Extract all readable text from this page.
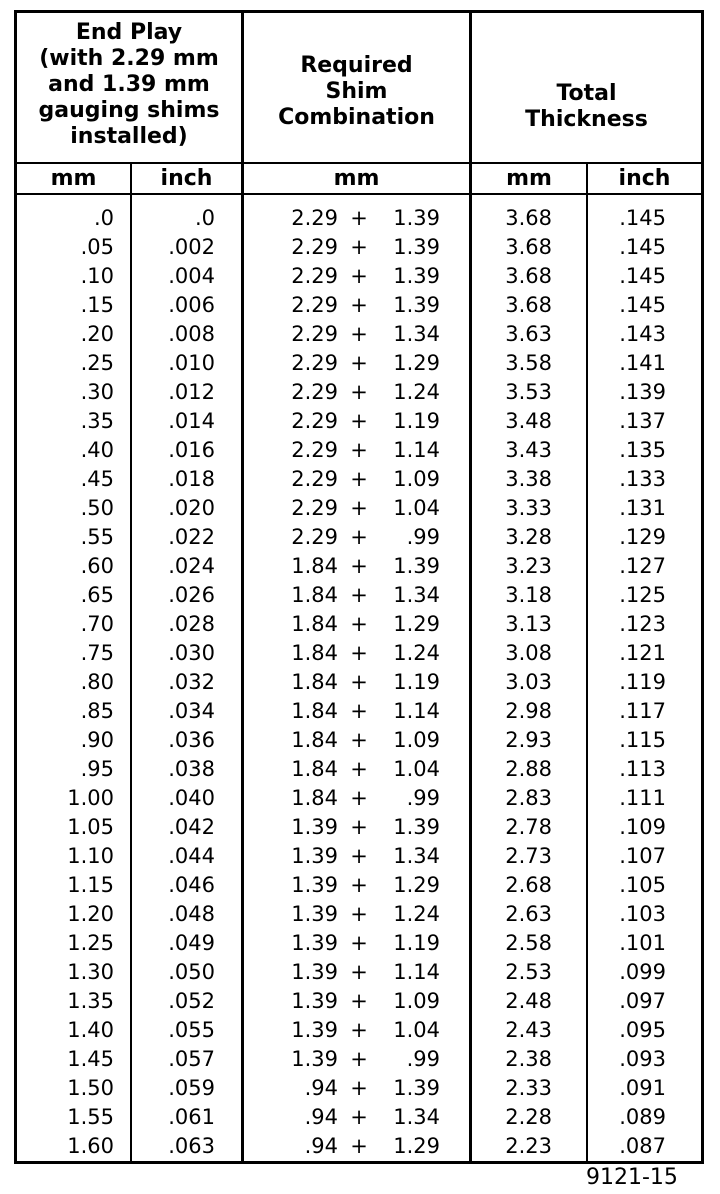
End Play
(with 2.29 mm
and 1.39 mm
gauging shims
installed)
Required
Shim
Combination
Total
Thickness
mm	inch	mm	mm	inch
.0	.0	2.29 +	1.39	3.68	.145
.05	.002	2.29 +	1.39	3.68	.145
.10	.004	2.29 +	1.39	3.68	.145
.15	.006	2.29 +	1.39	3.68	.145
.20	.008	2.29 +	1.34	3.63	.143
.25	.010	2.29 +	1.29	3.58	.141
.30	.012	2.29 +	1.24	3.53	.139
.35	.014	2.29 +	1.19	3.48	.137
.40	.016	2.29 +	1.14	3.43	.135
.45	.018	2.29 +	1.09	3.38	.133
.50	.020	2.29 +	1.04	3.33	.131
.55	.022	2.29 +	.99	3.28	.129
.60	.024	1.84 +	1.39	3.23	.127
.65	.026	1.84 +	1.34	3.18	.125
.70	.028	1.84 +	1.29	3.13	.123
.75	.030	1.84 +	1.24	3.08	.121
.80	.032	1.84 +	1.19	3.03	.119
.85	.034	1.84 +	1.14	2.98	.117
.90	.036	1.84 +	1.09	2.93	.115
.95	.038	1.84 +	1.04	2.88	.113
1.00	.040	1.84 +	.99	2.83	.111
1.05	.042	1.39 +	1.39	2.78	.109
1.10	.044	1.39 +	1.34	2.73	.107
1.15	.046	1.39 +	1.29	2.68	.105
1.20	.048	1.39 +	1.24	2.63	.103
1.25	.049	1.39 +	1.19	2.58	.101
1.30	.050	1.39 +	1.14	2.53	.099
1.35	.052	1.39 +	1.09	2.48	.097
1.40	.055	1.39 +	1.04	2.43	.095
1.45	.057	1.39 +	.99	2.38	.093
1.50	.059	.94 +	1.39	2.33	.091
1.55	.061	.94 +	1.34	2.28	.089
1.60	.063	.94 +	1.29	2.23	.087
9121-15
